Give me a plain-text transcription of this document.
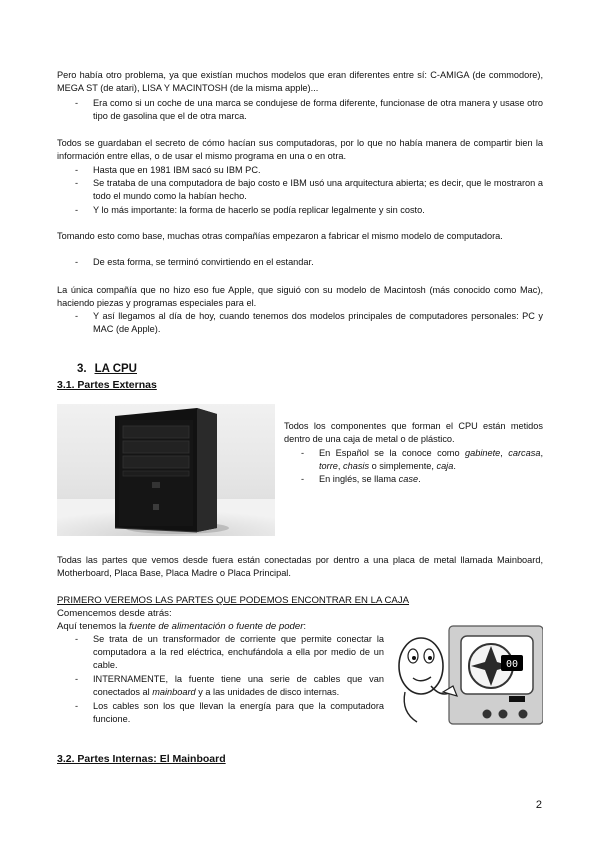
Pero había otro problema, ya que existían muchos modelos que eran diferentes entre sí: C-AMIGA (de commodore), MEGA ST (de atari), LISA Y MACINTOSH (de la misma apple)...
- Era como si un coche de una marca se condujese de forma diferente, funcionase de otra manera y usase otro tipo de gasolina que el de otra marca.
Todos se guardaban el secreto de cómo hacían sus computadoras, por lo que no había manera de compartir bien la información entre ellas, o de usar el mismo programa en una o en otra.
- Hasta que en 1981 IBM sacó su IBM PC.
- Se trataba de una computadora de bajo costo e IBM usó una arquitectura abierta; es decir, que le mostraron a todo el mundo como la habían hecho.
- Y lo más importante: la forma de hacerlo se podía replicar legalmente y sin costo.
Tomando esto como base, muchas otras compañías empezaron a fabricar el mismo modelo de computadora.
- De esta forma, se terminó convirtiendo en el estandar.
La única compañía que no hizo eso fue Apple, que siguió con su modelo de Macintosh (más conocido como Mac), haciendo piezas y programas especiales para el.
- Y así llegamos al día de hoy, cuando tenemos dos modelos principales de computadores personales: PC y MAC (de Apple).
3. LA CPU
3.1. Partes Externas
Todos los componentes que forman el CPU están metidos dentro de una caja de metal o de plástico.
- En Español se la conoce como gabinete, carcasa, torre, chasis o simplemente, caja.
- En inglés, se llama case.
Todas las partes que vemos desde fuera están conectadas por dentro a una placa de metal llamada Mainboard, Motherboard, Placa Base, Placa Madre o Placa Principal.
PRIMERO VEREMOS LAS PARTES QUE PODEMOS ENCONTRAR EN LA CAJA
Comencemos desde atrás:
Aquí tenemos la fuente de alimentación o fuente de poder:
- Se trata de un transformador de corriente que permite conectar la computadora a la red eléctrica, enchufándola a ella por medio de un cable.
- INTERNAMENTE, la fuente tiene una serie de cables que van conectados al mainboard y a las unidades de disco internas.
- Los cables son los que llevan la energía para que la computadora funcione.
00
3.2. Partes Internas: El Mainboard
2
